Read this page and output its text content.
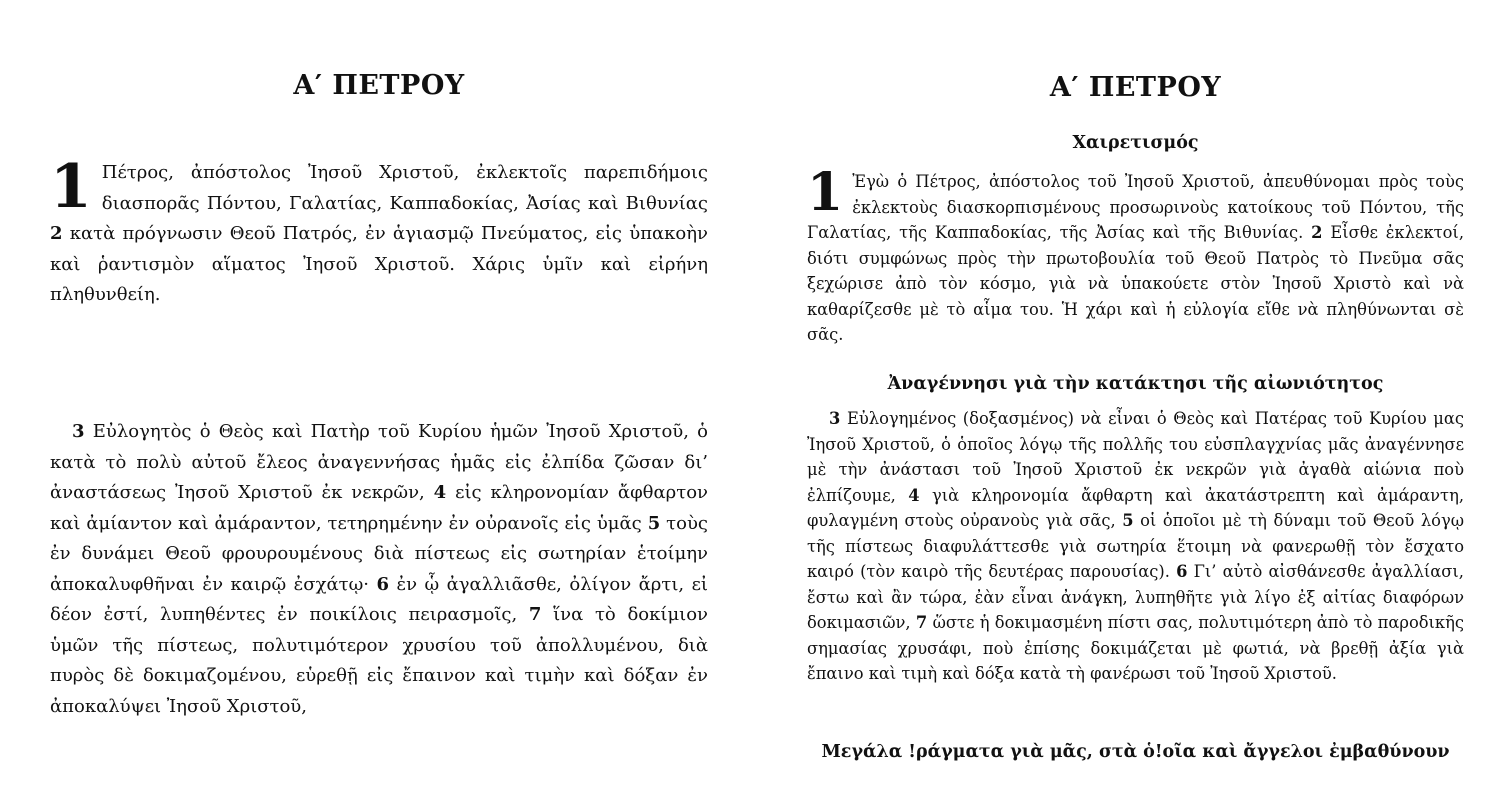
Α′ ΠΕΤΡΟΥ

1 Πέτρος, ἀπόστολος Ἰησοῦ Χριστοῦ, ἐκλεκτοῖς παρεπιδήμοις διασπορᾶς Πόντου, Γαλατίας, Καππαδοκίας, Ἀσίας καὶ Βιθυνίας 2 κατὰ πρόγνωσιν Θεοῦ Πατρός, ἐν ἁγιασμῷ Πνεύματος, εἰς ὑπακοὴν καὶ ῥαντισμὸν αἵματος Ἰησοῦ Χριστοῦ. Χάρις ὑμῖν καὶ εἰρήνη πληθυνθείη.

3 Εὐλογητὸς ὁ Θεὸς καὶ Πατὴρ τοῦ Κυρίου ἡμῶν Ἰησοῦ Χριστοῦ, ὁ κατὰ τὸ πολὺ αὐτοῦ ἔλεος ἀναγεννήσας ἡμᾶς εἰς ἐλπίδα ζῶσαν δι’ ἀναστάσεως Ἰησοῦ Χριστοῦ ἐκ νεκρῶν, 4 εἰς κληρονομίαν ἄφθαρτον καὶ ἀμίαντον καὶ ἀμάραντον, τετηρημένην ἐν οὐρανοῖς εἰς ὑμᾶς 5 τοὺς ἐν δυνάμει Θεοῦ φρουρουμένους διὰ πίστεως εἰς σωτηρίαν ἑτοίμην ἀποκαλυφθῆναι ἐν καιρῷ ἐσχάτῳ· 6 ἐν ᾧ ἀγαλλιᾶσθε, ὀλίγον ἄρτι, εἰ δέον ἐστί, λυπηθέντες ἐν ποικίλοις πειρασμοῖς, 7 ἵνα τὸ δοκίμιον ὑμῶν τῆς πίστεως, πολυτιμότερον χρυσίου τοῦ ἀπολλυμένου, διὰ πυρὸς δὲ δοκιμαζομένου, εὑρεθῇ εἰς ἔπαινον καὶ τιμὴν καὶ δόξαν ἐν ἀποκαλύψει Ἰησοῦ Χριστοῦ,

Α′ ΠΕΤΡΟΥ
Χαιρετισμός

1 Ἐγὼ ὁ Πέτρος, ἀπόστολος τοῦ Ἰησοῦ Χριστοῦ, ἀπευθύνομαι πρὸς τοὺς ἐκλεκτοὺς διασκορπισμένους προσωρινοὺς κατοίκους τοῦ Πόντου, τῆς Γαλατίας, τῆς Καππαδοκίας, τῆς Ἀσίας καὶ τῆς Βιθυνίας. 2 Εἶσθε ἐκλεκτοί, διότι συμφώνως πρὸς τὴν πρωτοβουλία τοῦ Θεοῦ Πατρὸς τὸ Πνεῦμα σᾶς ξεχώρισε ἀπὸ τὸν κόσμο, γιὰ νὰ ὑπακούετε στὸν Ἰησοῦ Χριστὸ καὶ νὰ καθαρίζεσθε μὲ τὸ αἷμα του. Ἡ χάρι καὶ ἡ εὐλογία εἴθε νὰ πληθύνωνται σὲ σᾶς.

Ἀναγέννησι γιὰ τὴν κατάκτησι τῆς αἰωνιότητος

3 Εὐλογημένος (δοξασμένος) νὰ εἶναι ὁ Θεὸς καὶ Πατέρας τοῦ Κυρίου μας Ἰησοῦ Χριστοῦ, ὁ ὁποῖος λόγῳ τῆς πολλῆς του εὐσπλαγχνίας μᾶς ἀναγέννησε μὲ τὴν ἀνάστασι τοῦ Ἰησοῦ Χριστοῦ ἐκ νεκρῶν γιὰ ἀγαθὰ αἰώνια ποὺ ἐλπίζουμε, 4 γιὰ κληρονομία ἄφθαρτη καὶ ἀκατάστρεπτη καὶ ἀμάραντη, φυλαγμένη στοὺς οὐρανοὺς γιὰ σᾶς, 5 οἱ ὁποῖοι μὲ τὴ δύναμι τοῦ Θεοῦ λόγῳ τῆς πίστεως διαφυλάττεσθε γιὰ σωτηρία ἕτοιμη νὰ φανερωθῇ τὸν ἔσχατο καιρό (τὸν καιρὸ τῆς δευτέρας παρουσίας). 6 Γι’ αὐτὸ αἰσθάνεσθε ἀγαλλίασι, ἔστω καὶ ἂν τώρα, ἐὰν εἶναι ἀνάγκη, λυπηθῆτε γιὰ λίγο ἐξ αἰτίας διαφόρων δοκιμασιῶν, 7 ὥστε ἡ δοκιμασμένη πίστι σας, πολυτιμότερη ἀπὸ τὸ παροδικῆς σημασίας χρυσάφι, ποὺ ἐπίσης δοκιμάζεται μὲ φωτιά, νὰ βρεθῇ ἀξία γιὰ ἔπαινο καὶ τιμὴ καὶ δόξα κατὰ τὴ φανέρωσι τοῦ Ἰησοῦ Χριστοῦ.

Μεγάλα !ράγματα γιὰ μᾶς, στὰ ὁ!οῖα καὶ ἄγγελοι ἐμβαθύνουν
